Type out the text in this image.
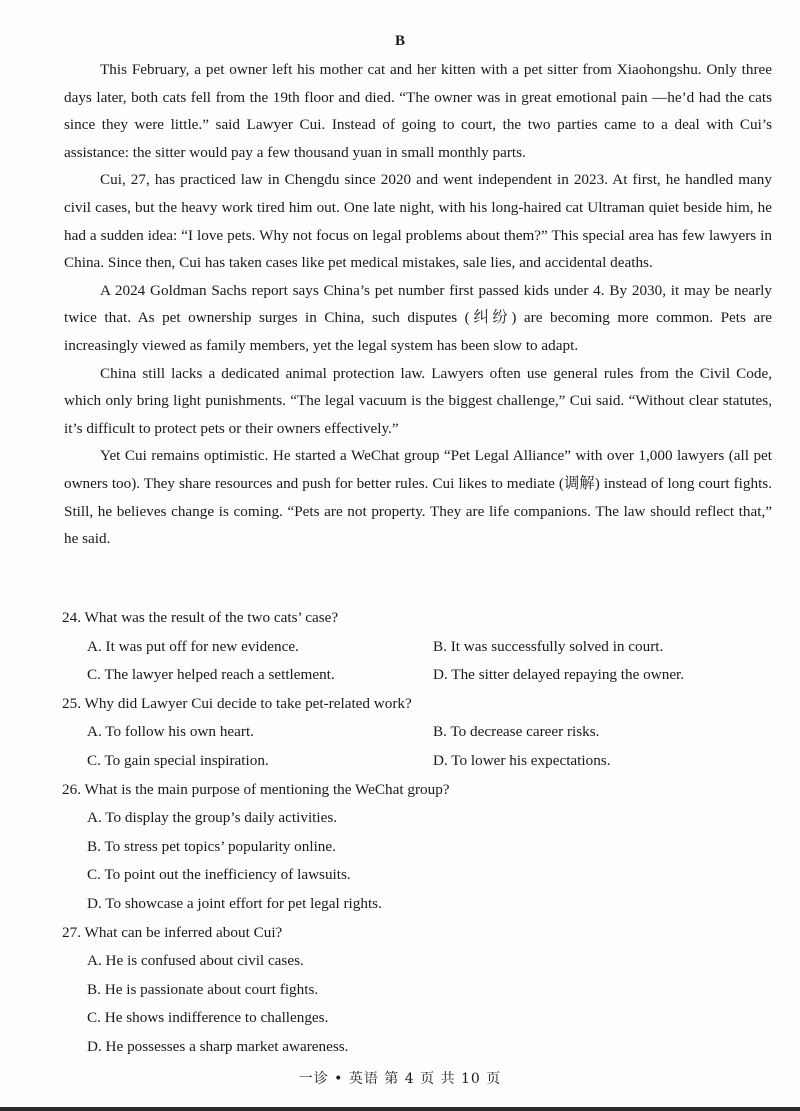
B

This February, a pet owner left his mother cat and her kitten with a pet sitter from Xiaohongshu. Only three days later, both cats fell from the 19th floor and died. “The owner was in great emotional pain —he’d had the cats since they were little.” said Lawyer Cui. Instead of going to court, the two parties came to a deal with Cui’s assistance: the sitter would pay a few thousand yuan in small monthly parts.

Cui, 27, has practiced law in Chengdu since 2020 and went independent in 2023. At first, he handled many civil cases, but the heavy work tired him out. One late night, with his long-haired cat Ultraman quiet beside him, he had a sudden idea: “I love pets. Why not focus on legal problems about them?” This special area has few lawyers in China. Since then, Cui has taken cases like pet medical mistakes, sale lies, and accidental deaths.

A 2024 Goldman Sachs report says China’s pet number first passed kids under 4. By 2030, it may be nearly twice that. As pet ownership surges in China, such disputes (纠纷) are becoming more common. Pets are increasingly viewed as family members, yet the legal system has been slow to adapt.

China still lacks a dedicated animal protection law. Lawyers often use general rules from the Civil Code, which only bring light punishments. “The legal vacuum is the biggest challenge,” Cui said. “Without clear statutes, it’s difficult to protect pets or their owners effectively.”

Yet Cui remains optimistic. He started a WeChat group “Pet Legal Alliance” with over 1,000 lawyers (all pet owners too). They share resources and push for better rules. Cui likes to mediate (调解) instead of long court fights. Still, he believes change is coming. “Pets are not property. They are life companions. The law should reflect that,” he said.

24. What was the result of the two cats’ case?
A. It was put off for new evidence.	B. It was successfully solved in court.
C. The lawyer helped reach a settlement.	D. The sitter delayed repaying the owner.
25. Why did Lawyer Cui decide to take pet-related work?
A. To follow his own heart.	B. To decrease career risks.
C. To gain special inspiration.	D. To lower his expectations.
26. What is the main purpose of mentioning the WeChat group?
A. To display the group’s daily activities.
B. To stress pet topics’ popularity online.
C. To point out the inefficiency of lawsuits.
D. To showcase a joint effort for pet legal rights.
27. What can be inferred about Cui?
A. He is confused about civil cases.
B. He is passionate about court fights.
C. He shows indifference to challenges.
D. He possesses a sharp market awareness.
一诊 • 英语 第 4 页 共 10 页
